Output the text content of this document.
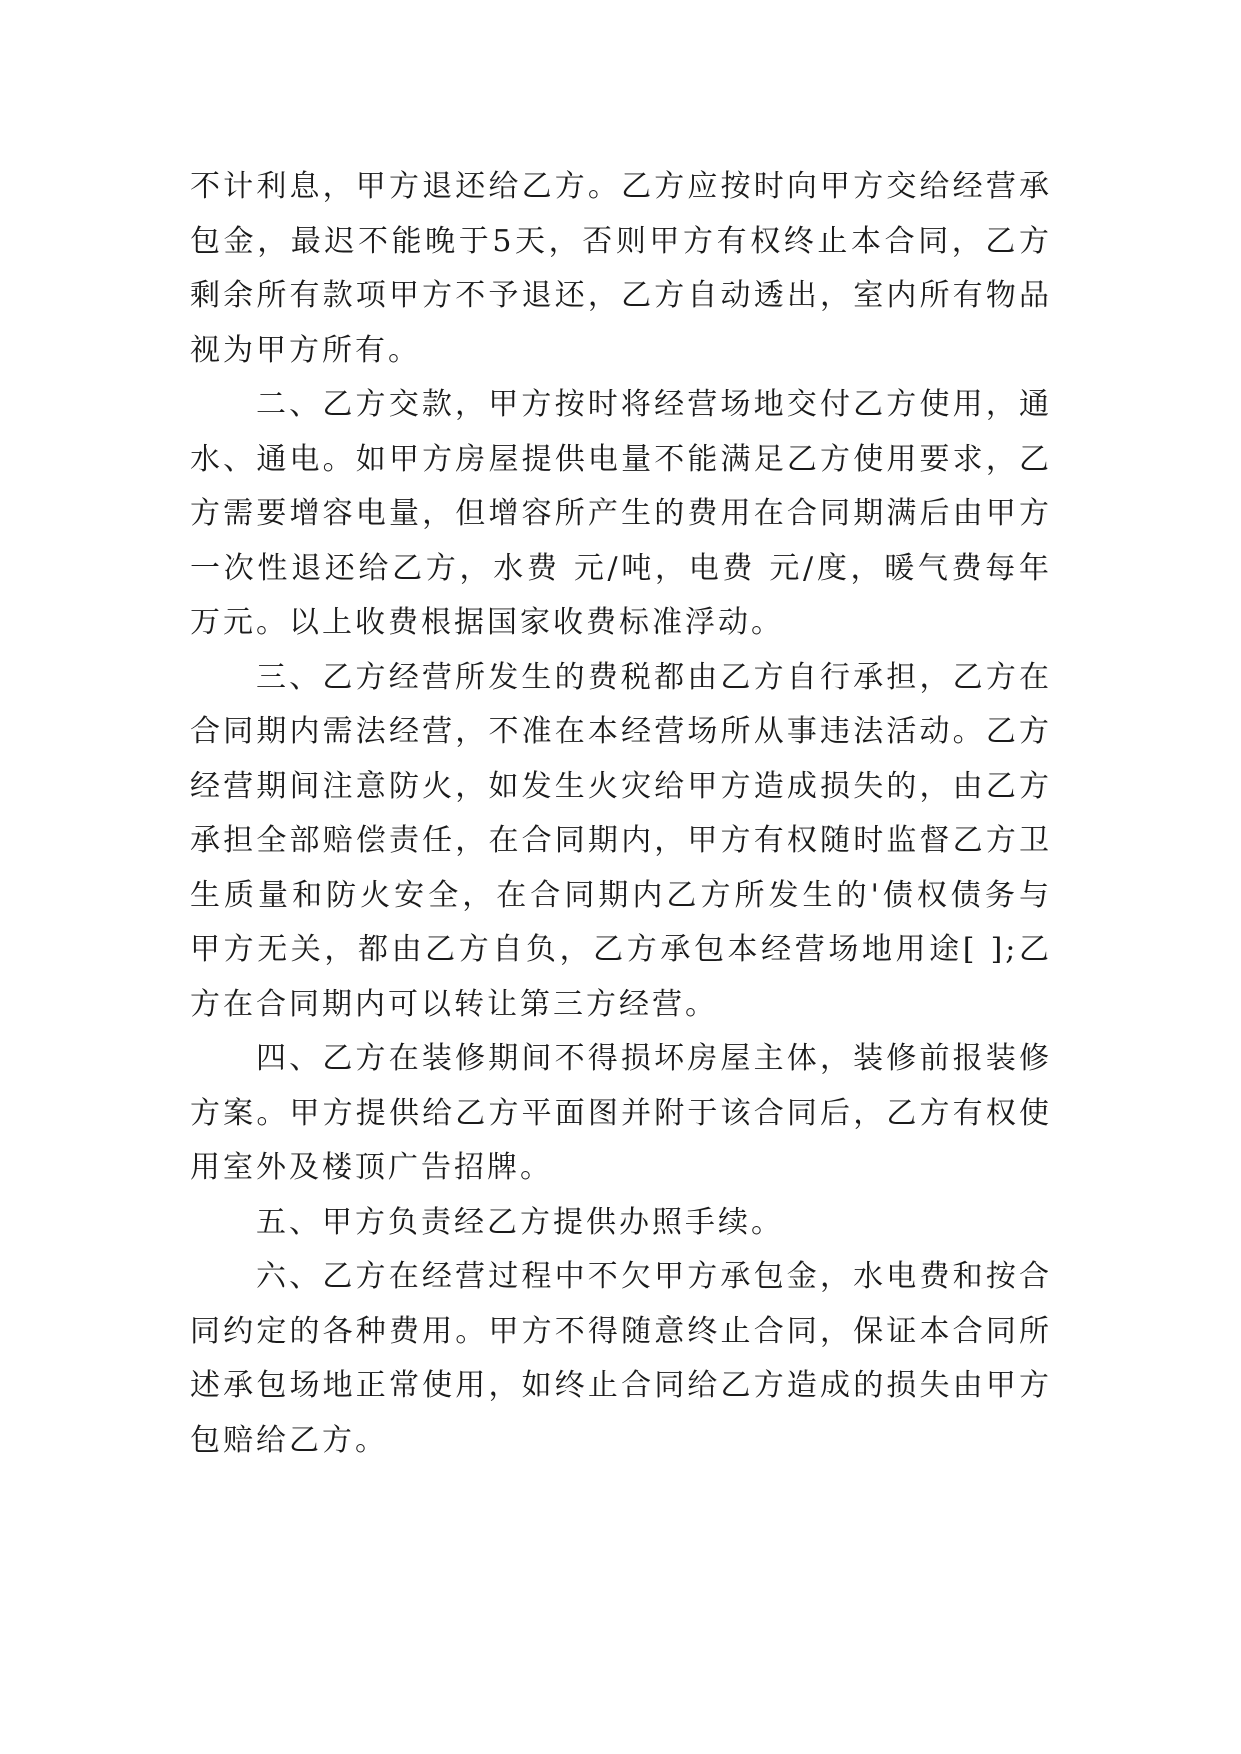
不计利息，甲方退还给乙方。乙方应按时向甲方交给经营承包金，最迟不能晚于5天，否则甲方有权终止本合同，乙方剩余所有款项甲方不予退还，乙方自动透出，室内所有物品视为甲方所有。

二、乙方交款，甲方按时将经营场地交付乙方使用，通水、通电。如甲方房屋提供电量不能满足乙方使用要求，乙方需要增容电量，但增容所产生的费用在合同期满后由甲方一次性退还给乙方，水费 元/吨，电费 元/度，暖气费每年 万元。以上收费根据国家收费标准浮动。

三、乙方经营所发生的费税都由乙方自行承担，乙方在合同期内需法经营，不准在本经营场所从事违法活动。乙方经营期间注意防火，如发生火灾给甲方造成损失的，由乙方承担全部赔偿责任，在合同期内，甲方有权随时监督乙方卫生质量和防火安全，在合同期内乙方所发生的'债权债务与甲方无关，都由乙方自负，乙方承包本经营场地用途[ ];乙方在合同期内可以转让第三方经营。

四、乙方在装修期间不得损坏房屋主体，装修前报装修方案。甲方提供给乙方平面图并附于该合同后，乙方有权使用室外及楼顶广告招牌。

五、甲方负责经乙方提供办照手续。

六、乙方在经营过程中不欠甲方承包金，水电费和按合同约定的各种费用。甲方不得随意终止合同，保证本合同所述承包场地正常使用，如终止合同给乙方造成的损失由甲方包赔给乙方。
